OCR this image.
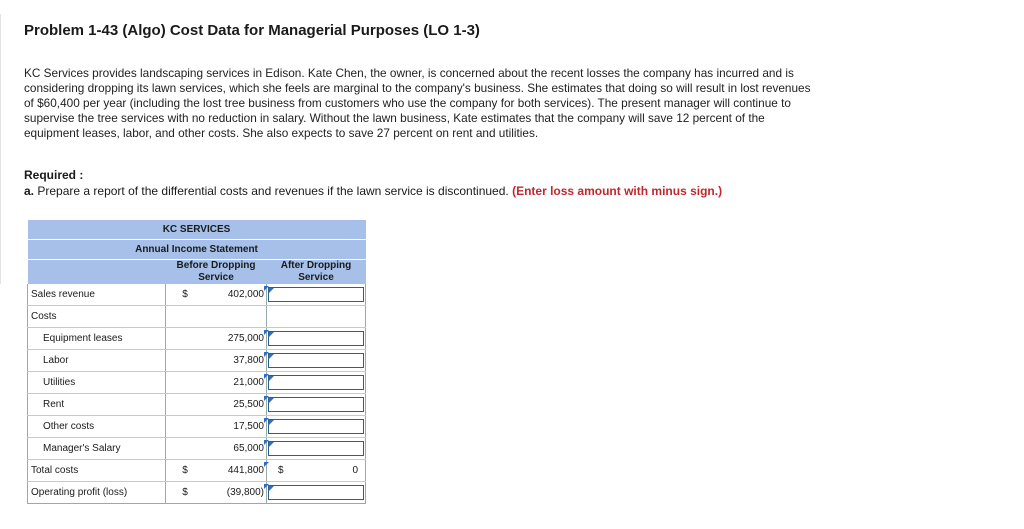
Problem 1-43 (Algo) Cost Data for Managerial Purposes (LO 1-3)

KC Services provides landscaping services in Edison. Kate Chen, the owner, is concerned about the recent losses the company has incurred and is considering dropping its lawn services, which she feels are marginal to the company's business. She estimates that doing so will result in lost revenues of $60,400 per year (including the lost tree business from customers who use the company for both services). The present manager will continue to supervise the tree services with no reduction in salary. Without the lawn business, Kate estimates that the company will save 12 percent of the equipment leases, labor, and other costs. She also expects to save 27 percent on rent and utilities.

Required :

a. Prepare a report of the differential costs and revenues if the lawn service is discontinued. (Enter loss amount with minus sign.)

KC SERVICES			
Annual Income Statement			
	Before Dropping Service		After Dropping Service
Sales revenue	$	402,000

Costs			
Equipment leases		275,000

Labor		37,800

Utilities		21,000

Rent		25,500

Other costs		17,500

Manager's Salary		65,000

Total costs	$	441,800	$ 0

Operating profit (loss)	$	(39,800)
